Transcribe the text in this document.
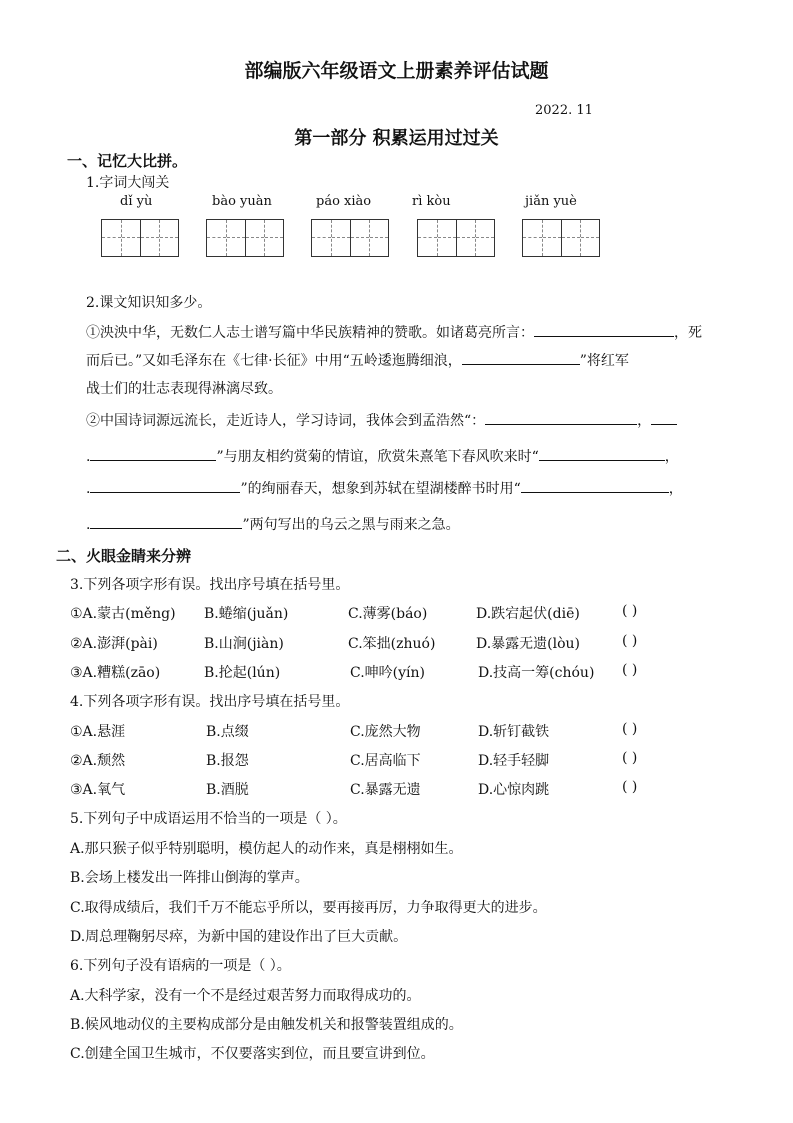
部编版六年级语文上册素养评估试题
2022. 11
第一部分 积累运用过过关
一、记忆大比拼。
1.字词大闯关
dǐ yù	bào yuàn	páo xiào	rì kòu	jiǎn yuè
2.课文知识知多少。
①泱泱中华，无数仁人志士谱写篇中华民族精神的赞歌。如诸葛亮所言：	，死
而后已。”又如毛泽东在《七律·长征》中用“五岭逶迤腾细浪，	”将红军
战士们的壮志表现得淋漓尽致。
②中国诗词源远流长，走近诗人，学习诗词，我体会到孟浩然“：	，
.	”与朋友相约赏菊的情谊，欣赏朱熹笔下春风吹来时“	，
.	”的绚丽春天，想象到苏轼在望湖楼醉书时用“	，
.	”两句写出的乌云之黑与雨来之急。
二、火眼金睛来分辨
3.下列各项字形有误。找出序号填在括号里。
①A.蒙古(měng) B.蜷缩(juǎn)	C.薄雾(báo)	D.跌宕起伏(diē)	( )
②A.澎湃(pài)	B.山涧(jiàn)	C.笨拙(zhuó)	D.暴露无遗(lòu)	( )
③A.糟糕(zāo)	B.抡起(lún)	C.呻吟(yín)	D.技高一筹(chóu) ( )
4.下列各项字形有误。找出序号填在括号里。
①A.悬涯	B.点缀	C.庞然大物	D.斩钉截铁	( )
②A.颓然	B.报怨	C.居高临下	D.轻手轻脚	( )
③A.氧气	B.酒脱	C.暴露无遗	D.心惊肉跳	( )
5.下列句子中成语运用不恰当的一项是（ ）。
A.那只猴子似乎特别聪明，模仿起人的动作来，真是栩栩如生。
B.会场上楼发出一阵排山倒海的掌声。
C.取得成绩后，我们千万不能忘乎所以，要再接再厉，力争取得更大的进步。
D.周总理鞠躬尽瘁，为新中国的建设作出了巨大贡献。
6.下列句子没有语病的一项是（ ）。
A.大科学家，没有一个不是经过艰苦努力而取得成功的。
B.候风地动仪的主要构成部分是由触发机关和报警装置组成的。
C.创建全国卫生城市，不仅要落实到位，而且要宣讲到位。
